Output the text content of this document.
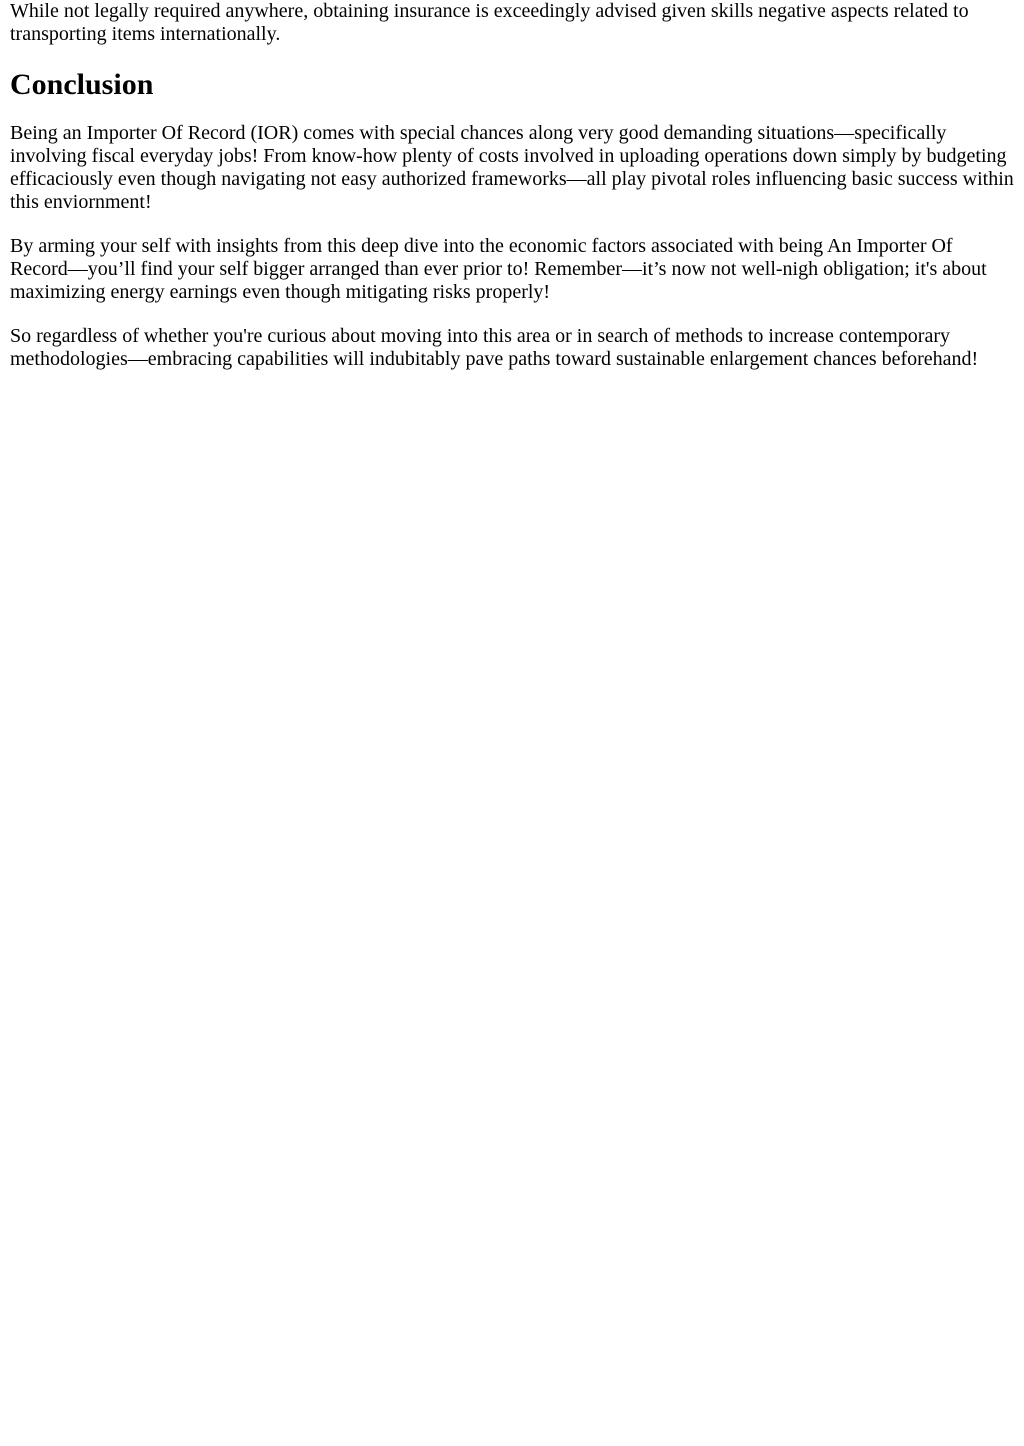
While not legally required anywhere, obtaining insurance is exceedingly advised given skills negative aspects related to transporting items internationally.

Conclusion

Being an Importer Of Record (IOR) comes with special chances along very good demanding situations—specifically involving fiscal everyday jobs! From know-how plenty of costs involved in uploading operations down simply by budgeting efficaciously even though navigating not easy authorized frameworks—all play pivotal roles influencing basic success within this enviornment!

By arming your self with insights from this deep dive into the economic factors associated with being An Importer Of Record—you’ll find your self bigger arranged than ever prior to! Remember—it’s now not well-nigh obligation; it's about maximizing energy earnings even though mitigating risks properly!

So regardless of whether you're curious about moving into this area or in search of methods to increase contemporary methodologies—embracing capabilities will indubitably pave paths toward sustainable enlargement chances beforehand!
